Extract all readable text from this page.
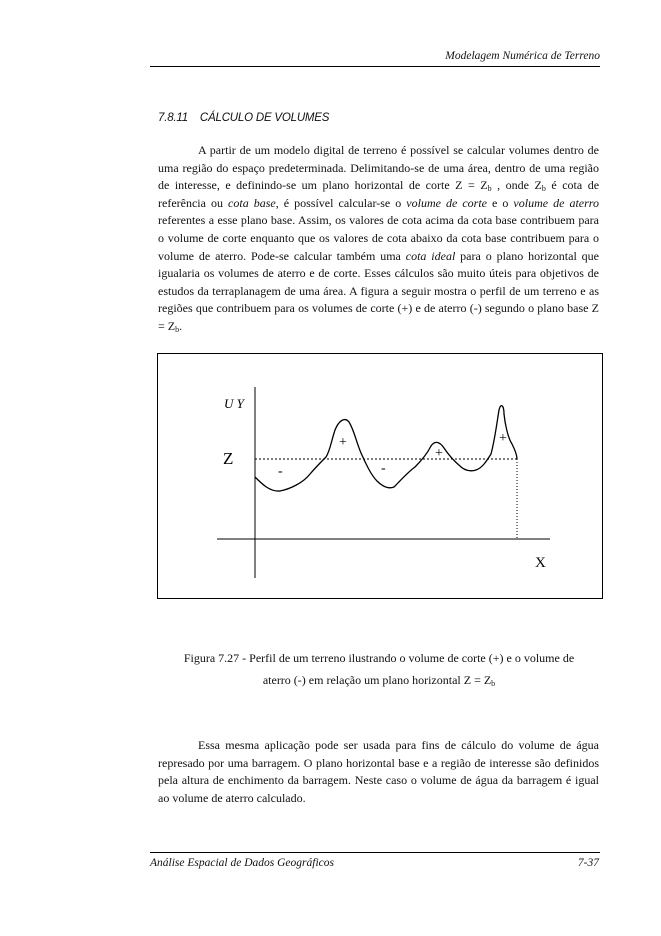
Modelagem Numérica de Terreno
7.8.11 CÁLCULO DE VOLUMES

A partir de um modelo digital de terreno é possível se calcular volumes dentro de uma região do espaço predeterminada. Delimitando-se de uma área, dentro de uma região de interesse, e definindo-se um plano horizontal de corte $Z = Z_b$ , onde $Z_b$ é cota de referência ou cota base, é possível calcular-se o volume de corte e o volume de aterro referentes a esse plano base. Assim, os valores de cota acima da cota base contribuem para o volume de corte enquanto que os valores de cota abaixo da cota base contribuem para o volume de aterro. Pode-se calcular também uma cota ideal para o plano horizontal que igualaria os volumes de aterro e de corte. Esses cálculos são muito úteis para objetivos de estudos da terraplanagem de uma área. A figura a seguir mostra o perfil de um terreno e as regiões que contribuem para os volumes de corte (+) e de aterro (-) segundo o plano base $Z = Z_b$.

U Y
Z
X
+
+
+
-	-
Figura 7.27 - Perfil de um terreno ilustrando o volume de corte (+) e o volume de
aterro (-) em relação um plano horizontal $Z = Z_b$

Essa mesma aplicação pode ser usada para fins de cálculo do volume de água represado por uma barragem. O plano horizontal base e a região de interesse são definidos pela altura de enchimento da barragem. Neste caso o volume de água da barragem é igual ao volume de aterro calculado.

Análise Espacial de Dados Geográficos	7-37
